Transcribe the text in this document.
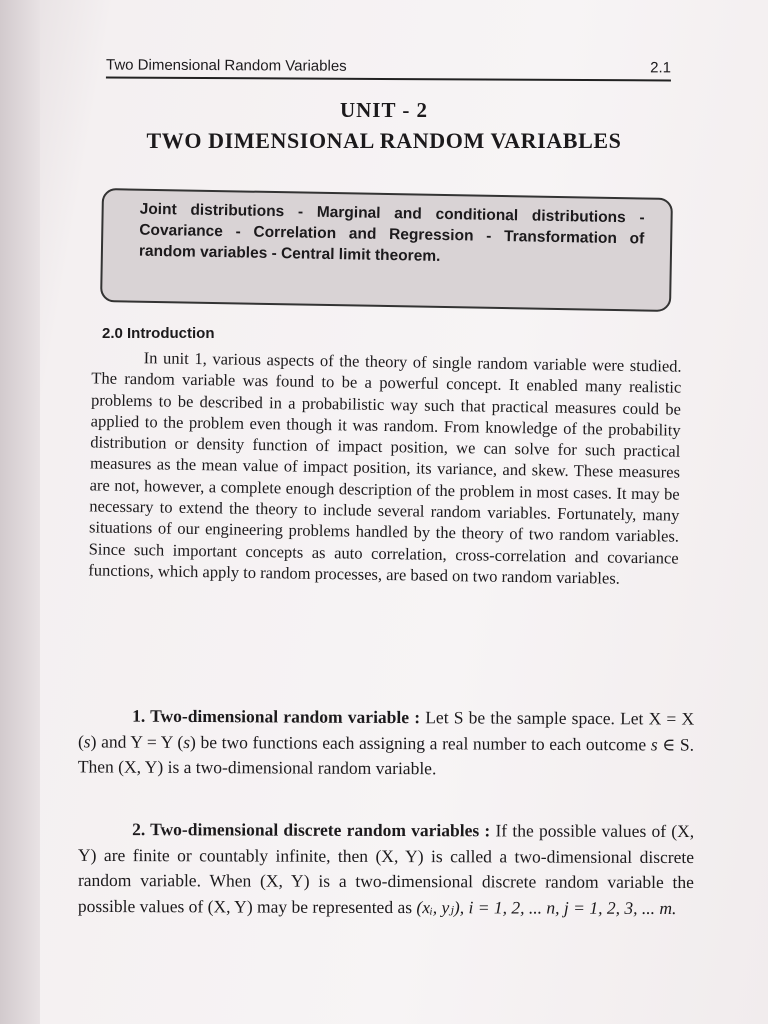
Two Dimensional Random Variables	2.1
UNIT - 2
TWO DIMENSIONAL RANDOM VARIABLES
Joint distributions - Marginal and conditional distributions - Covariance - Correlation and Regression - Transformation of random variables - Central limit theorem.
2.0 Introduction
In unit 1, various aspects of the theory of single random variable were studied. The random variable was found to be a powerful concept. It enabled many realistic problems to be described in a probabilistic way such that practical measures could be applied to the problem even though it was random. From knowledge of the probability distribution or density function of impact position, we can solve for such practical measures as the mean value of impact position, its variance, and skew. These measures are not, however, a complete enough description of the problem in most cases. It may be necessary to extend the theory to include several random variables. Fortunately, many situations of our engineering problems handled by the theory of two random variables. Since such important concepts as auto correlation, cross-correlation and covariance functions, which apply to random processes, are based on two random variables.
1. Two-dimensional random variable : Let S be the sample space. Let X = X (s) and Y = Y (s) be two functions each assigning a real number to each outcome s ∈ S. Then (X, Y) is a two-dimensional random variable.
2. Two-dimensional discrete random variables : If the possible values of (X, Y) are finite or countably infinite, then (X, Y) is called a two-dimensional discrete random variable. When (X, Y) is a two-dimensional discrete random variable the possible values of (X, Y) may be represented as (xᵢ, yⱼ), i = 1, 2, ... n, j = 1, 2, 3, ... m.
